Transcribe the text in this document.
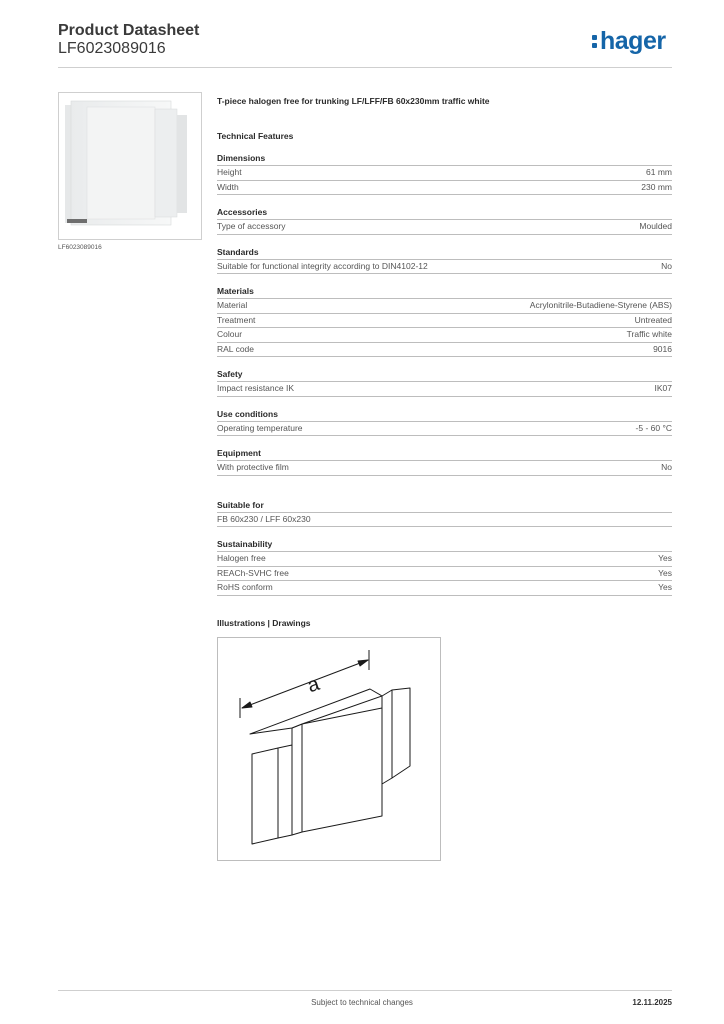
Product Datasheet
LF6023089016	hager
LF6023089016
T-piece halogen free for trunking LF/LFF/FB 60x230mm traffic white
Technical Features
Dimensions
Height	61 mm
Width	230 mm
Accessories
Type of accessory	Moulded
Standards
Suitable for functional integrity according to DIN4102-12	No
Materials
Material	Acrylonitrile-Butadiene-Styrene (ABS)
Treatment	Untreated
Colour	Traffic white
RAL code	9016
Safety
Impact resistance IK	IK07
Use conditions
Operating temperature	-5 - 60 °C
Equipment
With protective film	No
Suitable for
FB 60x230 / LFF 60x230
Sustainability
Halogen free	Yes
REACh-SVHC free	Yes
RoHS conform	Yes
Illustrations | Drawings
a
Subject to technical changes	12.11.2025
